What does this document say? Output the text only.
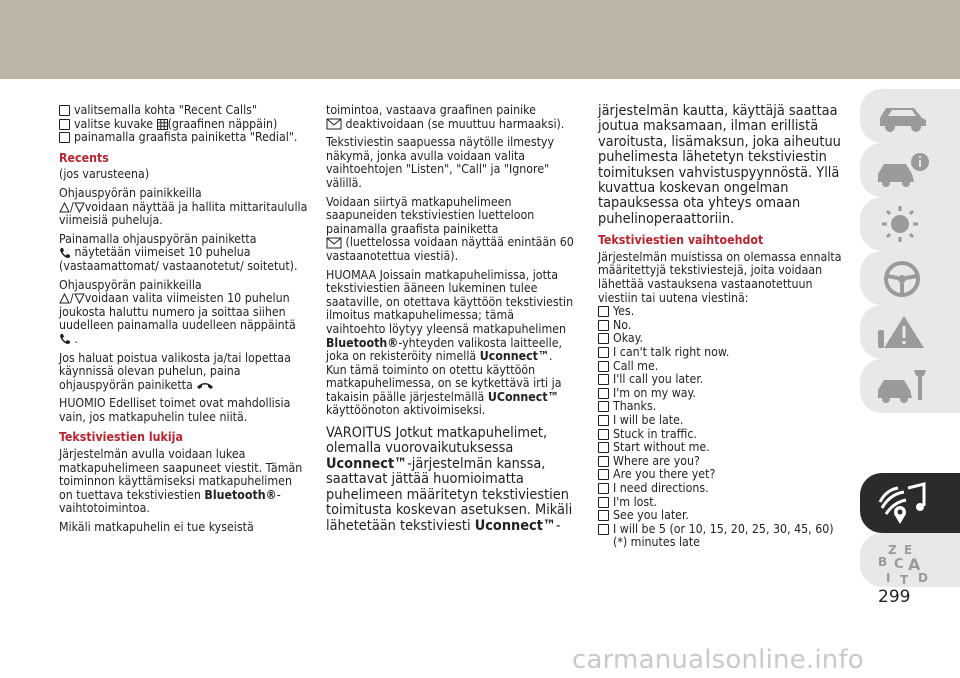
valitsemalla kohta "Recent Calls"
valitse kuvake (graafinen näppäin)
painamalla graafista painiketta "Redial".
Recents

(jos varusteena)

Ohjauspyörän painikkeilla
/ voidaan näyttää ja hallita mittaritaululla viimeisiä puheluja.

Painamalla ohjauspyörän painiketta
näytetään viimeiset 10 puhelua (vastaamattomat/ vastaanotetut/ soitetut).

Ohjauspyörän painikkeilla
/ voidaan valita viimeisten 10 puhelun joukosta haluttu numero ja soittaa siihen uudelleen painamalla uudelleen näppäintä  .

Jos haluat poistua valikosta ja/tai lopettaa käynnissä olevan puhelun, paina ohjauspyörän painiketta

HUOMIO Edelliset toimet ovat mahdollisia vain, jos matkapuhelin tulee niitä.

Tekstiviestien lukija

Järjestelmän avulla voidaan lukea matkapuhelimeen saapuneet viestit. Tämän toiminnon käyttämiseksi matkapuhelimen on tuettava tekstiviestien Bluetooth®-vaihtotoimintoa.

Mikäli matkapuhelin ei tue kyseistä

toimintoa, vastaava graafinen painike
deaktivoidaan (se muuttuu harmaaksi).

Tekstiviestin saapuessa näytölle ilmestyy näkymä, jonka avulla voidaan valita vaihtoehtojen "Listen", "Call" ja "Ignore" välillä.

Voidaan siirtyä matkapuhelimeen saapuneiden tekstiviestien luetteloon painamalla graafista painiketta
(luettelossa voidaan näyttää enintään 60 vastaanotettua viestiä).

HUOMAA Joissain matkapuhelimissa, jotta tekstiviestien ääneen lukeminen tulee saataville, on otettava käyttöön tekstiviestin ilmoitus matkapuhelimessa; tämä vaihtoehto löytyy yleensä matkapuhelimen Bluetooth®-yhteyden valikosta laitteelle, joka on rekisteröity nimellä Uconnect™. Kun tämä toiminto on otettu käyttöön matkapuhelimessa, on se kytkettävä irti ja takaisin päälle järjestelmällä UConnect™ käyttöönoton aktivoimiseksi.

VAROITUS Jotkut matkapuhelimet, olemalla vuorovaikutuksessa Uconnect™-järjestelmän kanssa, saattavat jättää huomioimatta puhelimeen määritetyn tekstiviestien toimitusta koskevan asetuksen. Mikäli lähetetään tekstiviesti Uconnect™-

järjestelmän kautta, käyttäjä saattaa joutua maksamaan, ilman erillistä varoitusta, lisämaksun, joka aiheutuu puhelimesta lähetetyn tekstiviestin toimituksen vahvistuspyynnöstä. Yllä kuvattua koskevan ongelman tapauksessa ota yhteys omaan puhelinoperaattoriin.

Tekstiviestien vaihtoehdot

Järjestelmän muistissa on olemassa ennalta määritettyjä tekstiviestejä, joita voidaan lähettää vastauksena vastaanotettuun viestiin tai uutena viestinä:

Yes.
No.
Okay.
I can't talk right now.
Call me.
I'll call you later.
I'm on my way.
Thanks.
I will be late.
Stuck in traffic.
Start without me.
Where are you?
Are you there yet?
I need directions.
I'm lost.
See you later.
I will be 5 (or 10, 15, 20, 25, 30, 45, 60) (*) minutes late
Z E
A
B C
D
I T
299
carmanualsonline.info
